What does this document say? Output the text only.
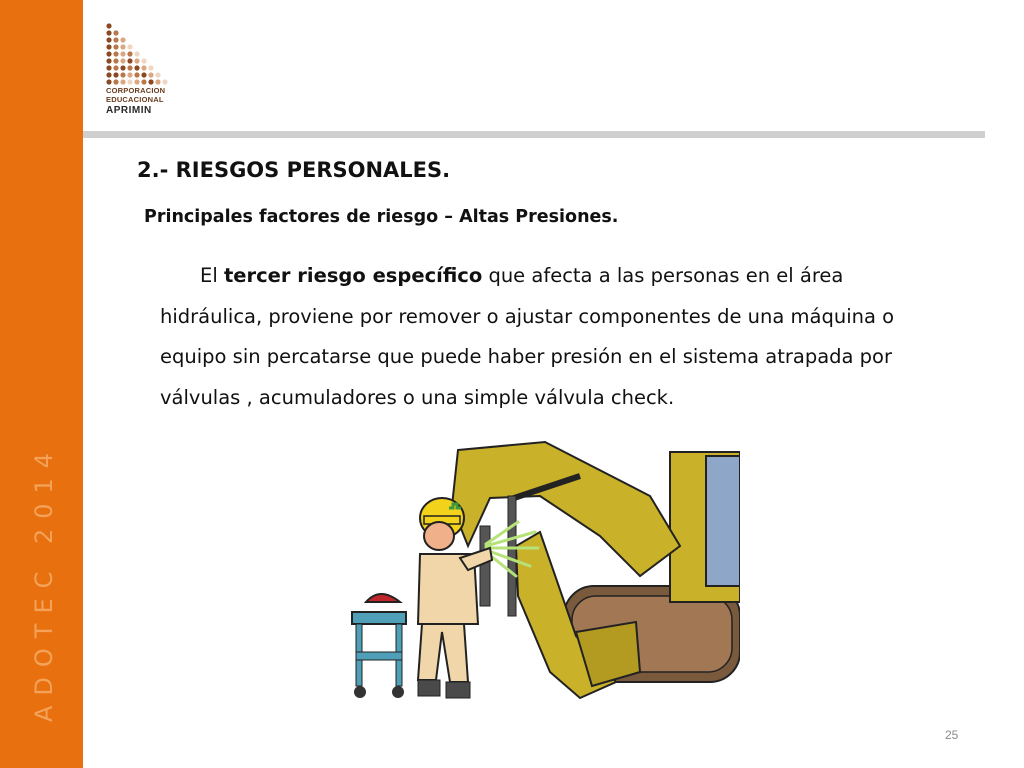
ADOTEC 2014
CORPORACION
EDUCACIONAL
APRIMIN
2.- RIESGOS PERSONALES.
Principales factores de riesgo – Altas Presiones.

El tercer riesgo específico que afecta a las personas en el área hidráulica, proviene por remover o ajustar componentes de una máquina o equipo sin percatarse que puede haber presión en el sistema atrapada por válvulas , acumuladores o una simple válvula check.

25
